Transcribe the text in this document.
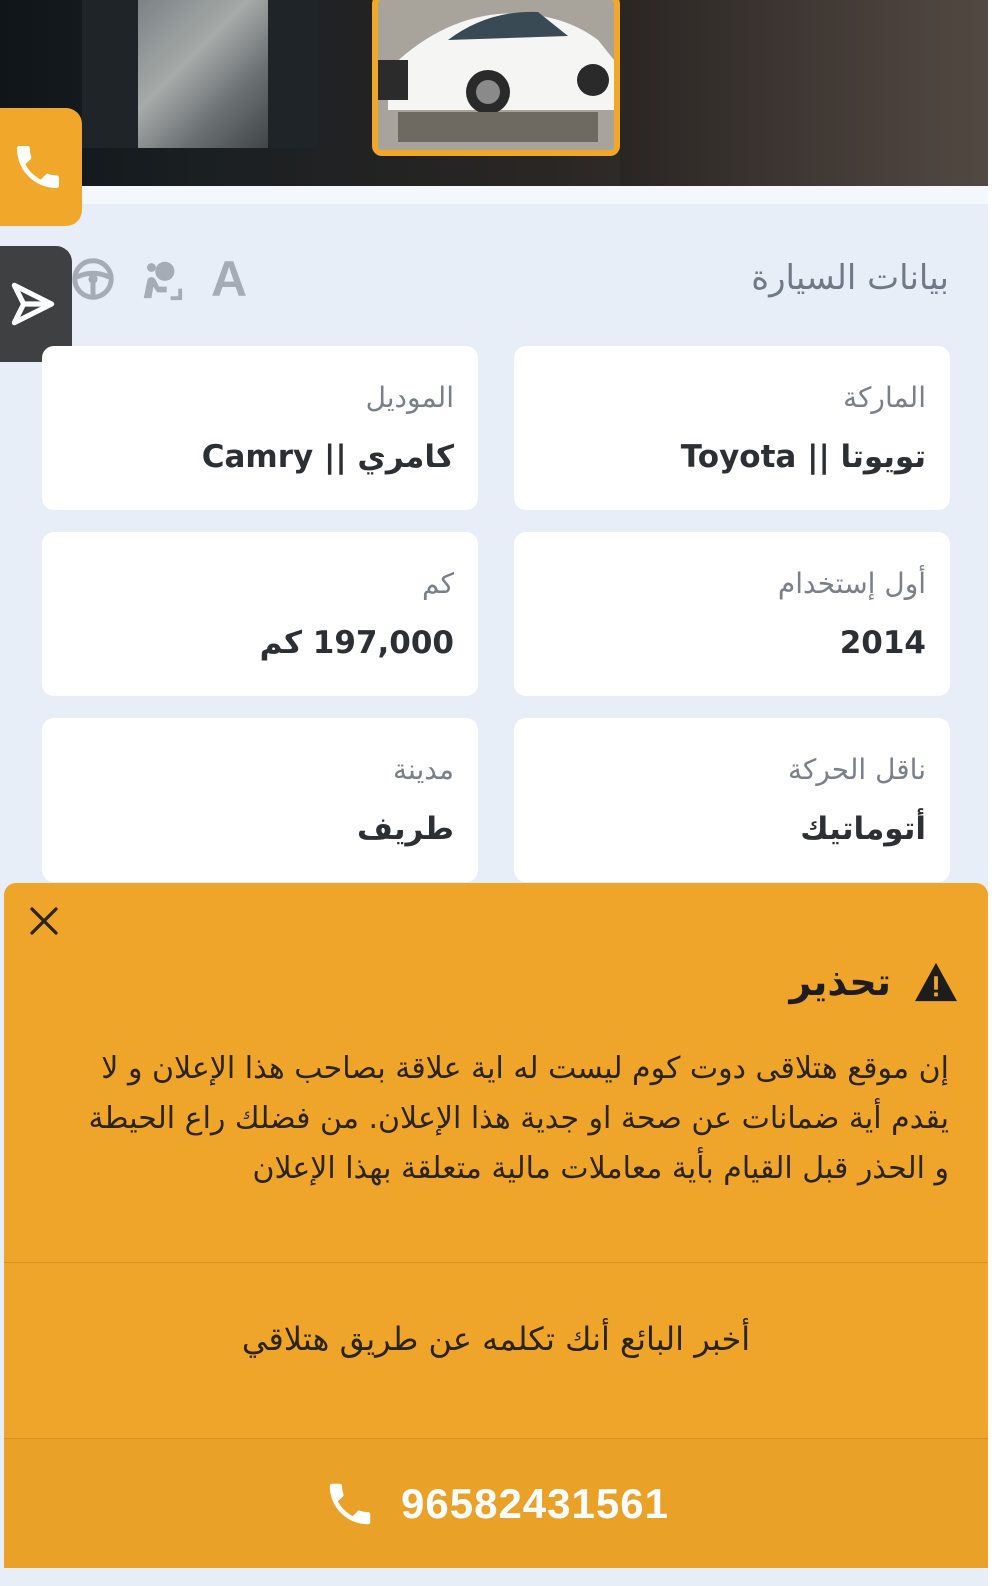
بيانات السيارة
A
الماركة
تويوتا || Toyota
الموديل
كامري || Camry
أول إستخدام
2014
كم
197,000 كم
ناقل الحركة
أتوماتيك
مدينة
طريف
تحذير
إن موقع هتلاقى دوت كوم ليست له اية علاقة بصاحب هذا الإعلان و لا يقدم أية ضمانات عن صحة او جدية هذا الإعلان. من فضلك راع الحيطة و الحذر قبل القيام بأية معاملات مالية متعلقة بهذا الإعلان
أخبر البائع أنك تكلمه عن طريق هتلاقي
96582431561
